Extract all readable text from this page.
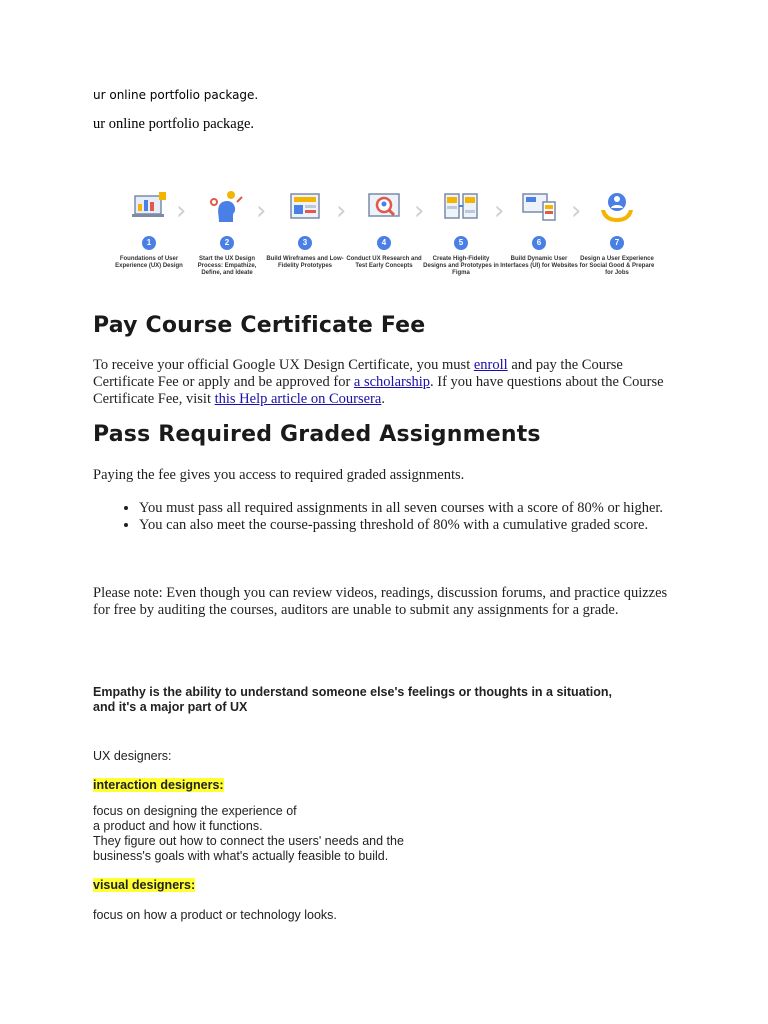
ur online portfolio package.
ur online portfolio package.
1
Foundations of User Experience (UX) Design
›
2
Start the UX Design Process: Empathize, Define, and Ideate
›
3
Build Wireframes and Low-Fidelity Prototypes
›
4
Conduct UX Research and Test Early Concepts
›
5
Create High-Fidelity Designs and Prototypes in Figma
›
6
Build Dynamic User Interfaces (UI) for Websites
›
7
Design a User Experience for Social Good & Prepare for Jobs
Pay Course Certificate Fee
To receive your official Google UX Design Certificate, you must enroll and pay the Course Certificate Fee or apply and be approved for a scholarship. If you have questions about the Course Certificate Fee, visit this Help article on Coursera.
Pass Required Graded Assignments
Paying the fee gives you access to required graded assignments.
• You must pass all required assignments in all seven courses with a score of 80% or higher.
• You can also meet the course-passing threshold of 80% with a cumulative graded score.
Please note: Even though you can review videos, readings, discussion forums, and practice quizzes for free by auditing the courses, auditors are unable to submit any assignments for a grade.
Empathy is the ability to understand someone else's feelings or thoughts in a situation,
and it's a major part of UX
UX designers:
interaction designers:
focus on designing the experience of
a product and how it functions.
They figure out how to connect the users' needs and the
business's goals with what's actually feasible to build.
visual designers:
focus on how a product or technology looks.
